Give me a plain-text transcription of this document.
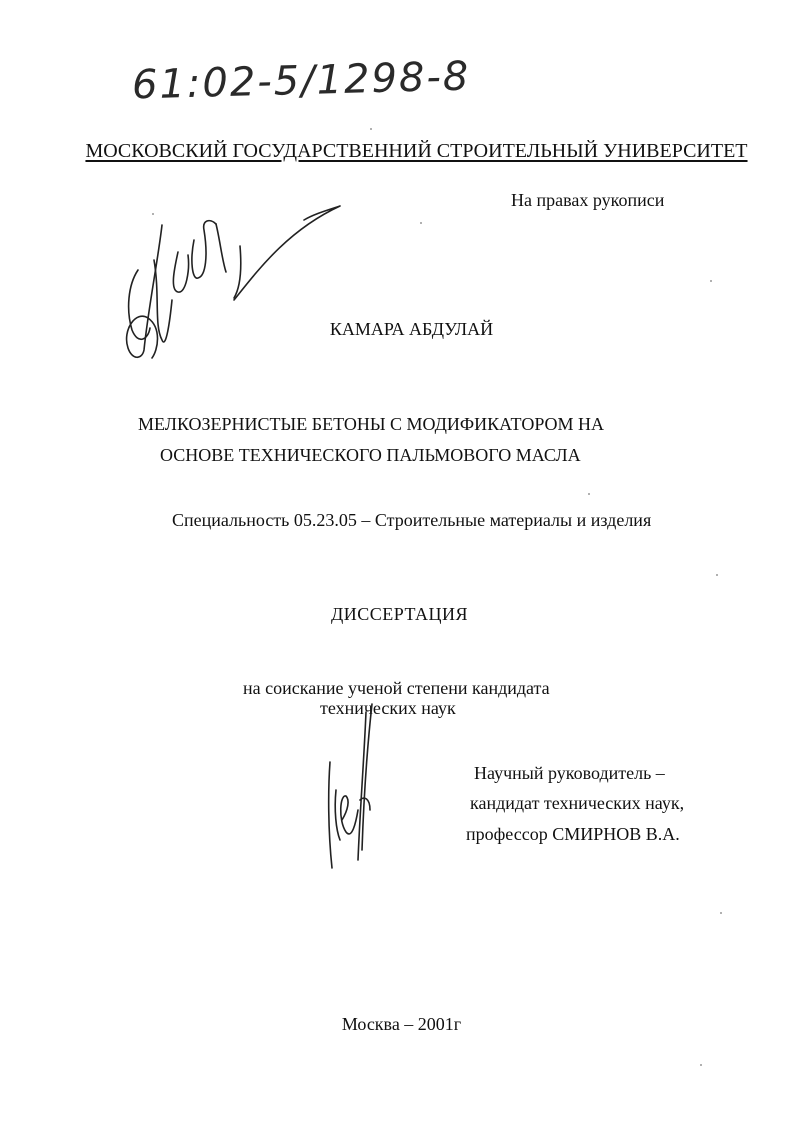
61:02-5/1298-8
МОСКОВСКИЙ ГОСУДАРСТВЕННИЙ СТРОИТЕЛЬНЫЙ УНИВЕРСИТЕТ
На правах рукописи
КАМАРА АБДУЛАЙ
МЕЛКОЗЕРНИСТЫЕ БЕТОНЫ С МОДИФИКАТОРОМ НА
ОСНОВЕ ТЕХНИЧЕСКОГО ПАЛЬМОВОГО МАСЛА
Специальность 05.23.05 – Строительные материалы и изделия
ДИССЕРТАЦИЯ
на соискание ученой степени кандидата
технических наук
Научный руководитель –
кандидат технических наук,
профессор СМИРНОВ В.А.
Москва – 2001г
